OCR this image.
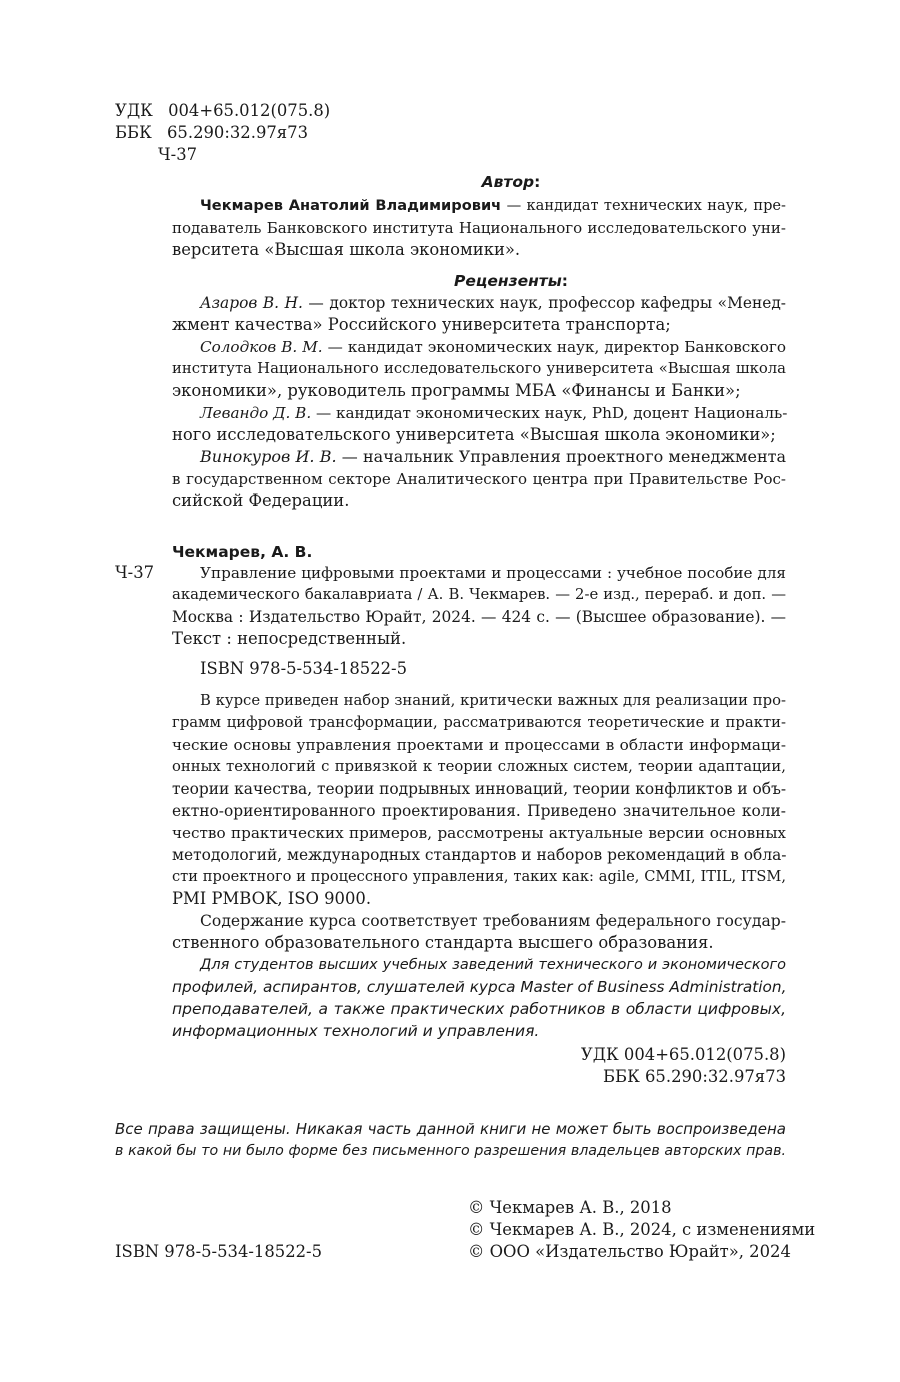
УДК 004+65.012(075.8)
ББК 65.290:32.97я73
Ч-37
Автор:
Чекмарев Анатолий Владимирович — кандидат технических наук, пре-
подаватель Банковского института Национального исследовательского уни-
верситета «Высшая школа экономики».
Рецензенты:
Азаров В. Н. — доктор технических наук, профессор кафедры «Менед-
жмент качества» Российского университета транспорта;
Солодков В. М. — кандидат экономических наук, директор Банковского
института Национального исследовательского университета «Высшая школа
экономики», руководитель программы МБА «Финансы и Банки»;
Левандо Д. В. — кандидат экономических наук, PhD, доцент Националь-
ного исследовательского университета «Высшая школа экономики»;
Винокуров И. В. — начальник Управления проектного менеджмента
в государственном секторе Аналитического центра при Правительстве Рос-
сийской Федерации.
Чекмарев, А. В.
Ч-37	Управление цифровыми проектами и процессами : учебное пособие для
академического бакалавриата / А. В. Чекмарев. — 2-е изд., перераб. и доп. —
Москва : Издательство Юрайт, 2024. — 424 с. — (Высшее образование). —
Текст : непосредственный.
ISBN 978-5-534-18522-5
В курсе приведен набор знаний, критически важных для реализации про-
грамм цифровой трансформации, рассматриваются теоретические и практи-
ческие основы управления проектами и процессами в области информаци-
онных технологий с привязкой к теории сложных систем, теории адаптации,
теории качества, теории подрывных инноваций, теории конфликтов и объ-
ектно-ориентированного проектирования. Приведено значительное коли-
чество практических примеров, рассмотрены актуальные версии основных
методологий, международных стандартов и наборов рекомендаций в обла-
сти проектного и процессного управления, таких как: agile, CMMI, ITIL, ITSM,
PMI PMBOK, ISO 9000.
Содержание курса соответствует требованиям федерального государ-
ственного образовательного стандарта высшего образования.
Для студентов высших учебных заведений технического и экономического
профилей, аспирантов, слушателей курса Master of Business Administration,
преподавателей, а также практических работников в области цифровых,
информационных технологий и управления.
УДК 004+65.012(075.8)
ББК 65.290:32.97я73
Все права защищены. Никакая часть данной книги не может быть воспроизведена
в какой бы то ни было форме без письменного разрешения владельцев авторских прав.
© Чекмарев А. В., 2018
© Чекмарев А. В., 2024, с изменениями
© ООО «Издательство Юрайт», 2024
ISBN 978-5-534-18522-5
